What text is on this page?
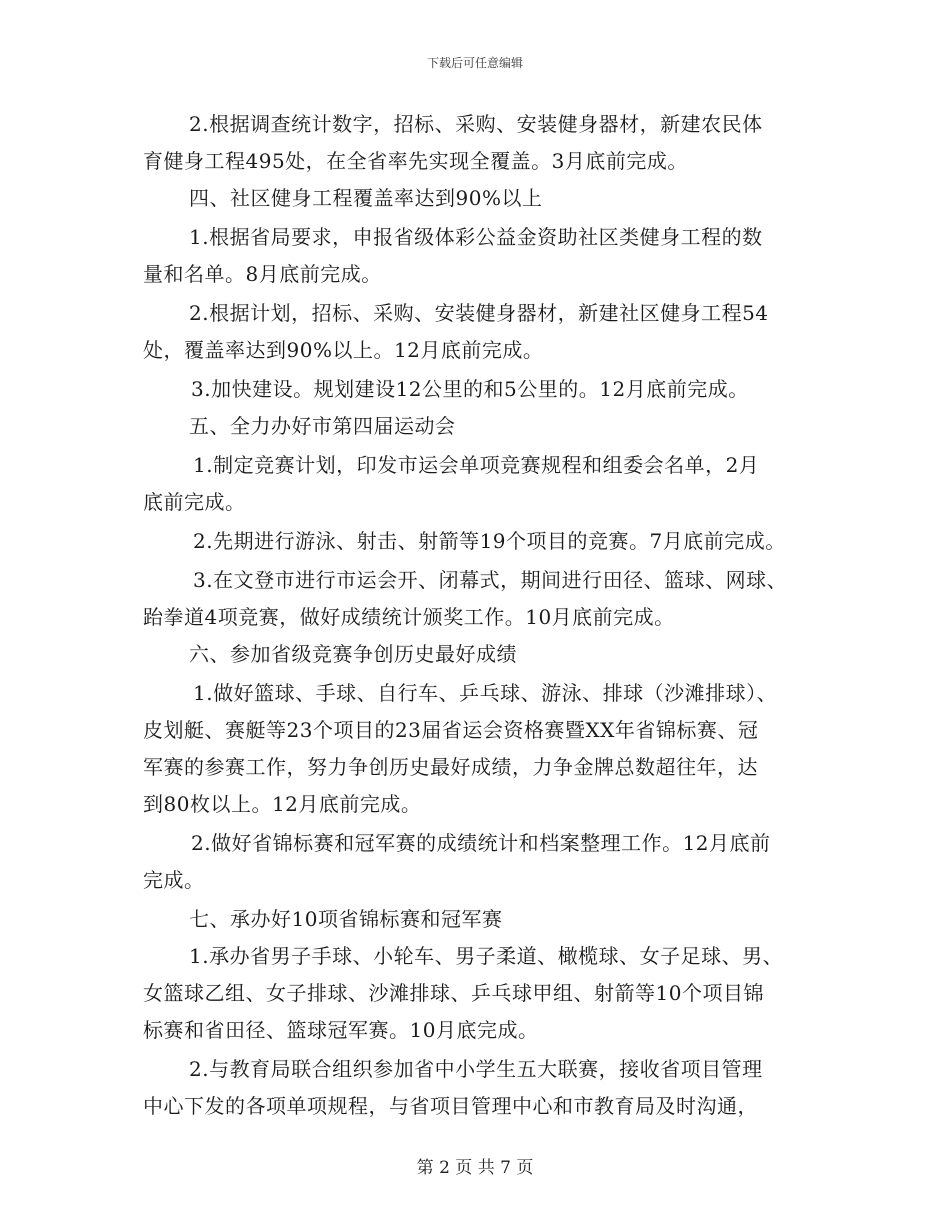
下载后可任意编辑
2.根据调查统计数字，招标、采购、安装健身器材，新建农民体
育健身工程495处，在全省率先实现全覆盖。3月底前完成。
四、社区健身工程覆盖率达到90%以上
1.根据省局要求，申报省级体彩公益金资助社区类健身工程的数
量和名单。8月底前完成。
2.根据计划，招标、采购、安装健身器材，新建社区健身工程54
处，覆盖率达到90%以上。12月底前完成。
3.加快建设。规划建设12公里的和5公里的。12月底前完成。
五、全力办好市第四届运动会
1.制定竞赛计划，印发市运会单项竞赛规程和组委会名单，2月
底前完成。
2.先期进行游泳、射击、射箭等19个项目的竞赛。7月底前完成。
3.在文登市进行市运会开、闭幕式，期间进行田径、篮球、网球、
跆拳道4项竞赛，做好成绩统计颁奖工作。10月底前完成。
六、参加省级竞赛争创历史最好成绩
1.做好篮球、手球、自行车、乒乓球、游泳、排球（沙滩排球）、
皮划艇、赛艇等23个项目的23届省运会资格赛暨XX年省锦标赛、冠
军赛的参赛工作，努力争创历史最好成绩，力争金牌总数超往年，达
到80枚以上。12月底前完成。
2.做好省锦标赛和冠军赛的成绩统计和档案整理工作。12月底前
完成。
七、承办好10项省锦标赛和冠军赛
1.承办省男子手球、小轮车、男子柔道、橄榄球、女子足球、男、
女篮球乙组、女子排球、沙滩排球、乒乓球甲组、射箭等10个项目锦
标赛和省田径、篮球冠军赛。10月底完成。
2.与教育局联合组织参加省中小学生五大联赛，接收省项目管理
中心下发的各项单项规程，与省项目管理中心和市教育局及时沟通，
第 2 页 共 7 页
